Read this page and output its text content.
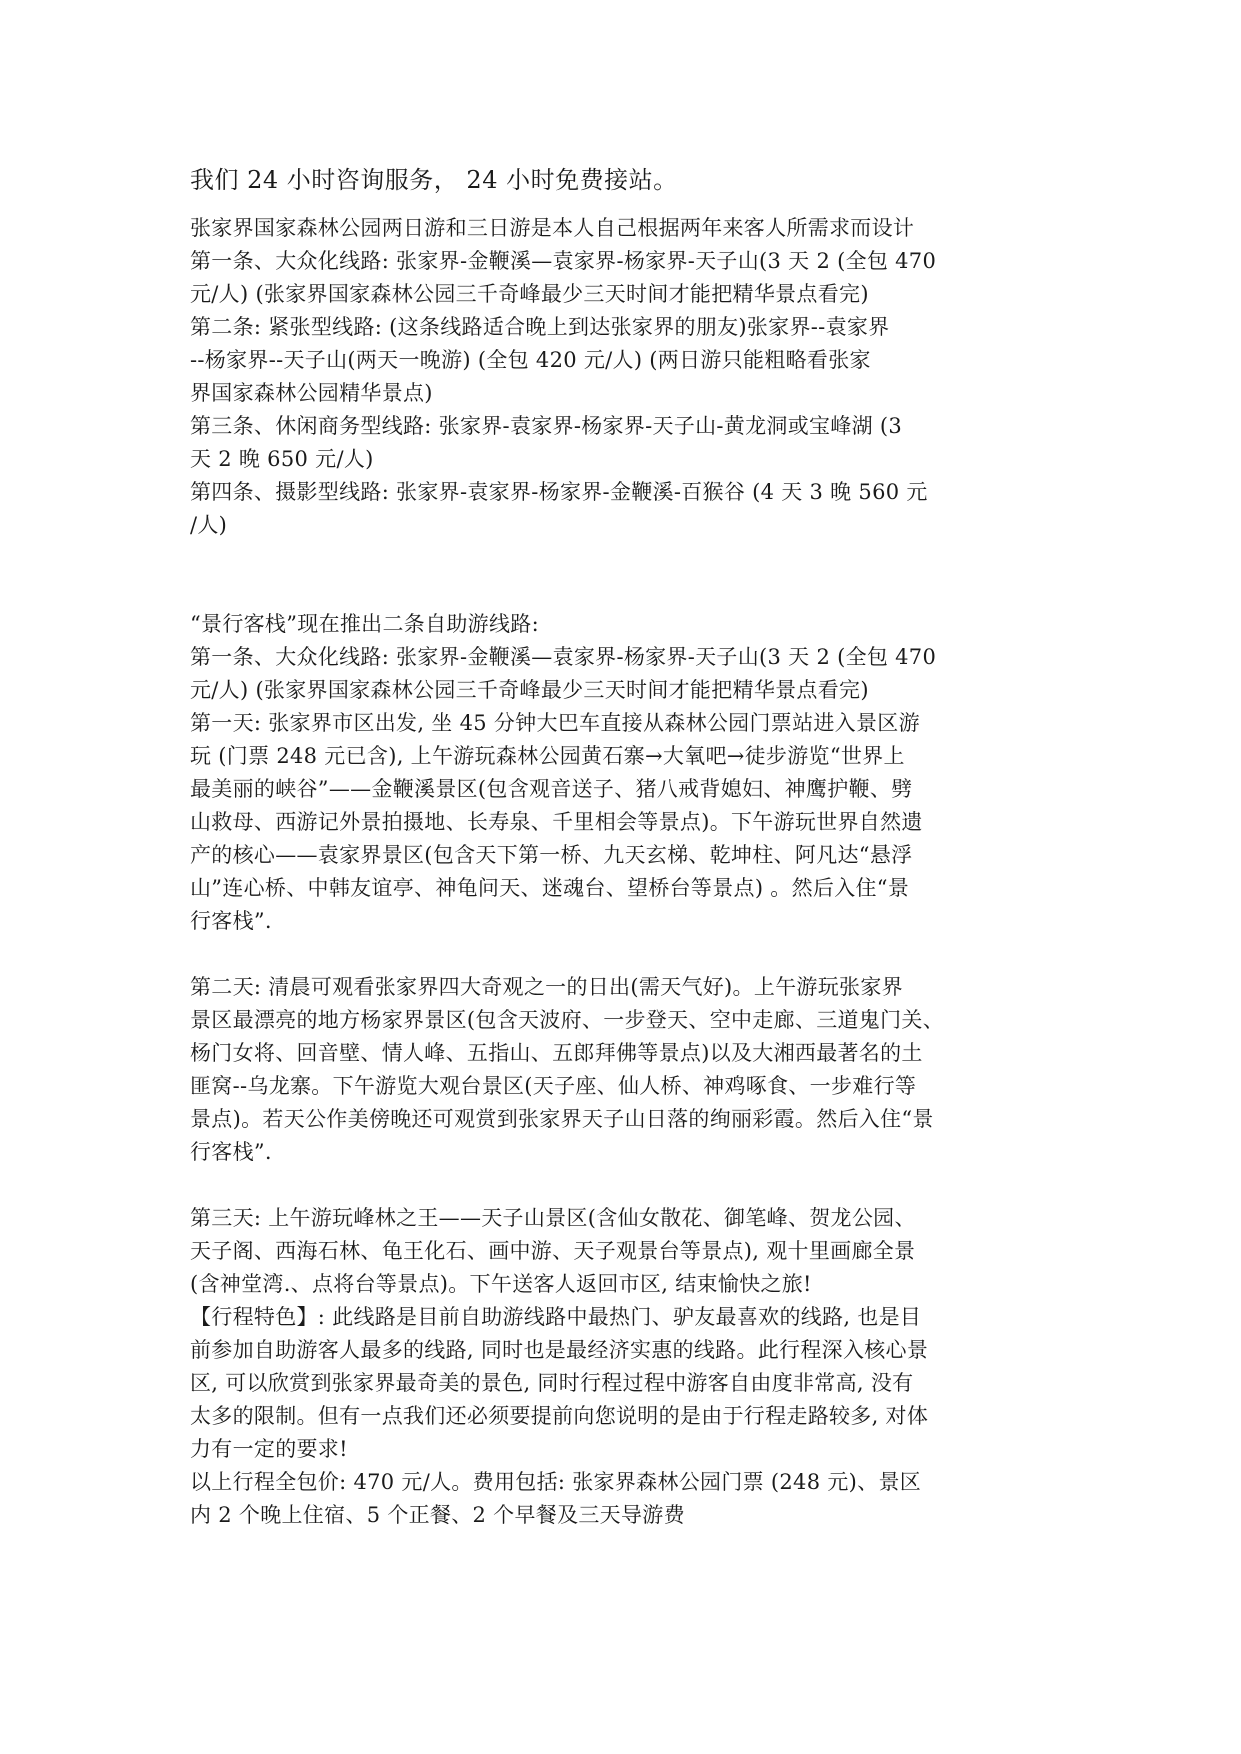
我们 24 小时咨询服务， 24 小时免费接站。
张家界国家森林公园两日游和三日游是本人自己根据两年来客人所需求而设计
第一条、大众化线路: 张家界-金鞭溪—袁家界-杨家界-天子山(3 天 2 (全包 470
元/人) (张家界国家森林公园三千奇峰最少三天时间才能把精华景点看完)
第二条: 紧张型线路: (这条线路适合晚上到达张家界的朋友)张家界--袁家界
--杨家界--天子山(两天一晚游) (全包 420 元/人) (两日游只能粗略看张家
界国家森林公园精华景点)
第三条、休闲商务型线路: 张家界-袁家界-杨家界-天子山-黄龙洞或宝峰湖 (3
天 2 晚 650 元/人)
第四条、摄影型线路: 张家界-袁家界-杨家界-金鞭溪-百猴谷 (4 天 3 晚 560 元
/人)
“景行客栈”现在推出二条自助游线路:
第一条、大众化线路: 张家界-金鞭溪—袁家界-杨家界-天子山(3 天 2 (全包 470
元/人) (张家界国家森林公园三千奇峰最少三天时间才能把精华景点看完)
第一天: 张家界市区出发, 坐 45 分钟大巴车直接从森林公园门票站进入景区游
玩 (门票 248 元已含), 上午游玩森林公园黄石寨→大氧吧→徒步游览“世界上
最美丽的峡谷”——金鞭溪景区(包含观音送子、猪八戒背媳妇、神鹰护鞭、劈
山救母、西游记外景拍摄地、长寿泉、千里相会等景点)。下午游玩世界自然遗
产的核心——袁家界景区(包含天下第一桥、九天玄梯、乾坤柱、阿凡达“悬浮
山”连心桥、中韩友谊亭、神龟问天、迷魂台、望桥台等景点) 。然后入住“景
行客栈”.
第二天: 清晨可观看张家界四大奇观之一的日出(需天气好)。上午游玩张家界
景区最漂亮的地方杨家界景区(包含天波府、一步登天、空中走廊、三道鬼门关、
杨门女将、回音壁、情人峰、五指山、五郎拜佛等景点)以及大湘西最著名的土
匪窝--乌龙寨。下午游览大观台景区(天子座、仙人桥、神鸡啄食、一步难行等
景点)。若天公作美傍晚还可观赏到张家界天子山日落的绚丽彩霞。然后入住“景
行客栈”.
第三天: 上午游玩峰林之王——天子山景区(含仙女散花、御笔峰、贺龙公园、
天子阁、西海石林、龟王化石、画中游、天子观景台等景点), 观十里画廊全景
(含神堂湾.、点将台等景点)。下午送客人返回市区, 结束愉快之旅!
【行程特色】: 此线路是目前自助游线路中最热门、驴友最喜欢的线路, 也是目
前参加自助游客人最多的线路, 同时也是最经济实惠的线路。此行程深入核心景
区, 可以欣赏到张家界最奇美的景色, 同时行程过程中游客自由度非常高, 没有
太多的限制。但有一点我们还必须要提前向您说明的是由于行程走路较多, 对体
力有一定的要求!
以上行程全包价: 470 元/人。费用包括: 张家界森林公园门票 (248 元)、景区
内 2 个晚上住宿、5 个正餐、2 个早餐及三天导游费
